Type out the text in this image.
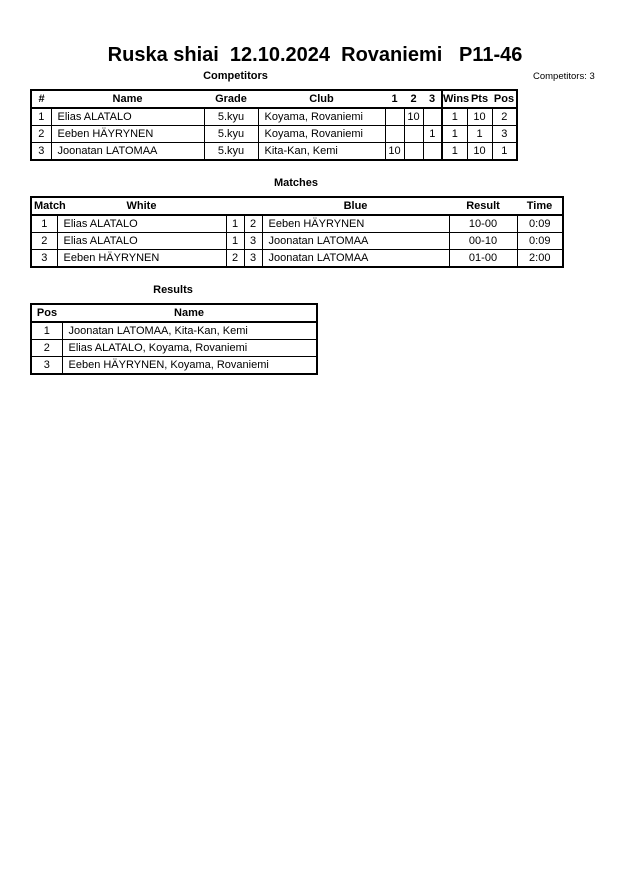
Ruska shiai  12.10.2024  Rovaniemi   P11-46
Competitors	Competitors: 3
#	Name	Grade	Club	1	2	3	Wins	Pts	Pos
1	Elias ALATALO	5.kyu	Koyama, Rovaniemi		10		1	10	2
2	Eeben HÄYRYNEN	5.kyu	Koyama, Rovaniemi			1	1	1	3
3	Joonatan LATOMAA	5.kyu	Kita-Kan, Kemi	10			1	10	1
Matches
Match	White			Blue	Result	Time
1	Elias ALATALO	1	2	Eeben HÄYRYNEN	10-00	0:09
2	Elias ALATALO	1	3	Joonatan LATOMAA	00-10	0:09
3	Eeben HÄYRYNEN	2	3	Joonatan LATOMAA	01-00	2:00
Results
Pos	Name
1	Joonatan LATOMAA, Kita-Kan, Kemi
2	Elias ALATALO, Koyama, Rovaniemi
3	Eeben HÄYRYNEN, Koyama, Rovaniemi
